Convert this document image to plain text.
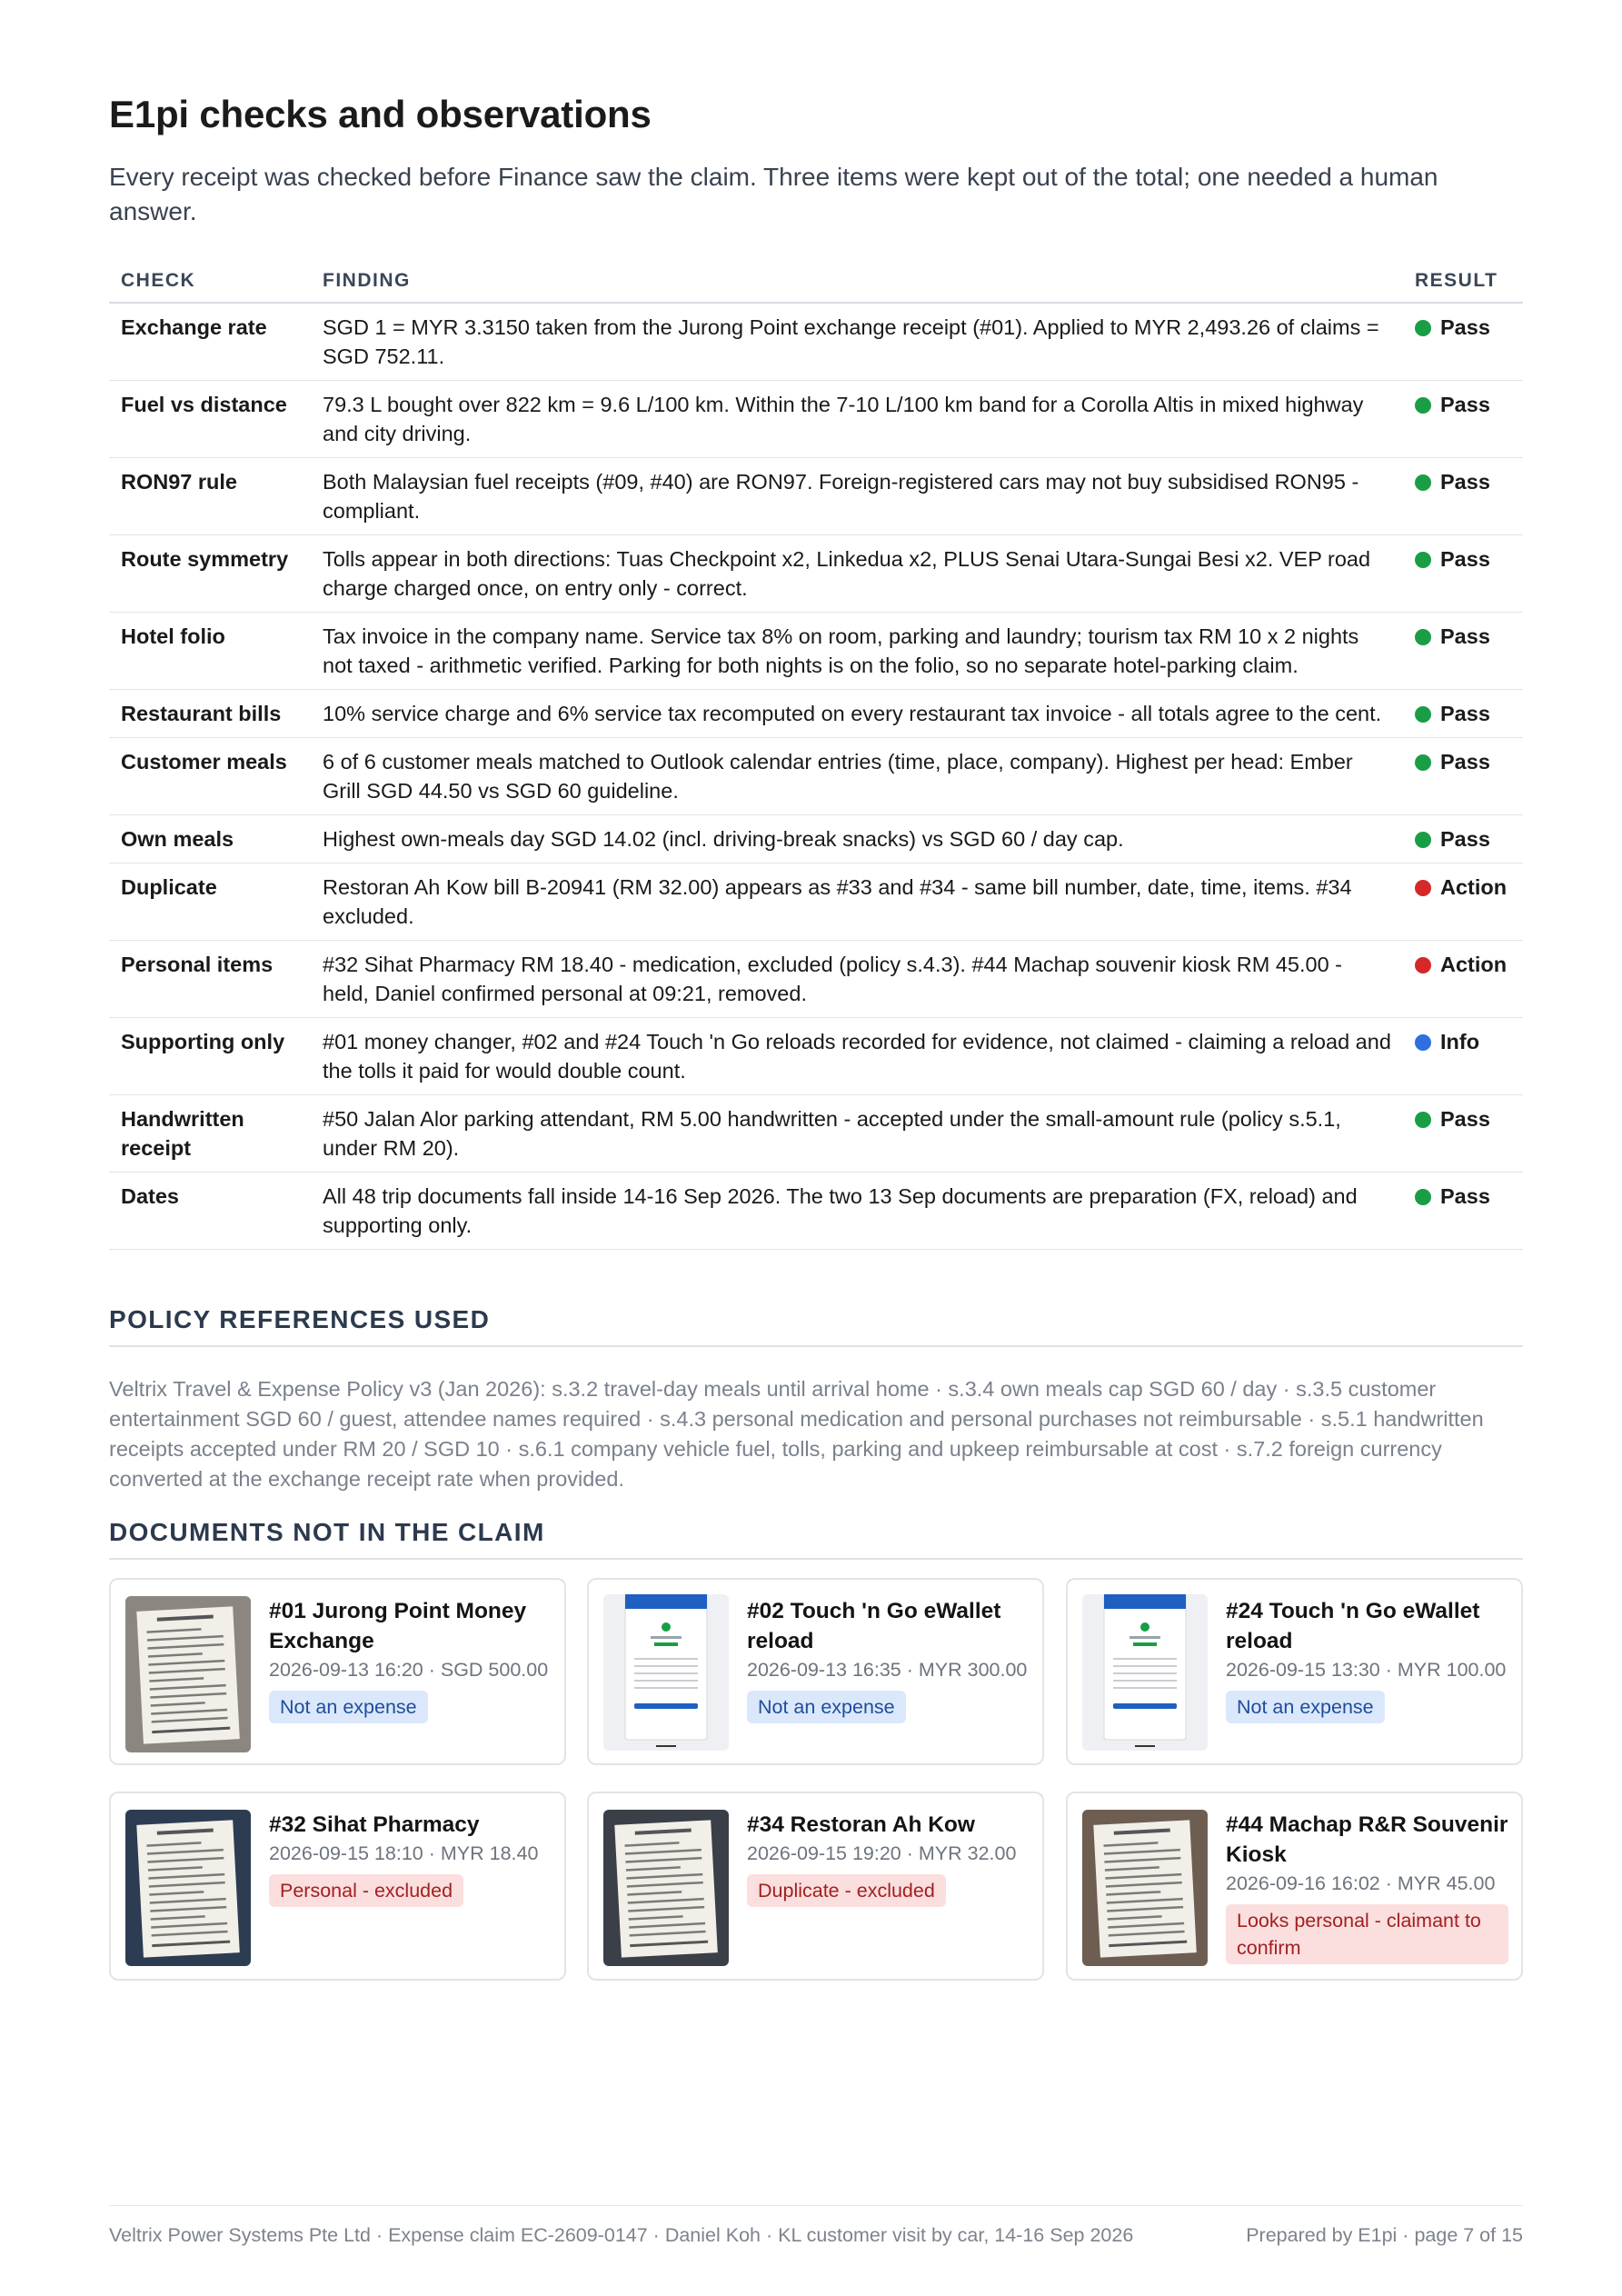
E1pi checks and observations

Every receipt was checked before Finance saw the claim. Three items were kept out of the total; one needed a human answer.

CHECK	FINDING	RESULT
Exchange rate	SGD 1 = MYR 3.3150 taken from the Jurong Point exchange receipt (#01). Applied to MYR 2,493.26 of claims = SGD 752.11.	Pass
Fuel vs distance	79.3 L bought over 822 km = 9.6 L/100 km. Within the 7-10 L/100 km band for a Corolla Altis in mixed highway and city driving.	Pass
RON97 rule	Both Malaysian fuel receipts (#09, #40) are RON97. Foreign-registered cars may not buy subsidised RON95 - compliant.	Pass
Route symmetry	Tolls appear in both directions: Tuas Checkpoint x2, Linkedua x2, PLUS Senai Utara-Sungai Besi x2. VEP road charge charged once, on entry only - correct.	Pass
Hotel folio	Tax invoice in the company name. Service tax 8% on room, parking and laundry; tourism tax RM 10 x 2 nights not taxed - arithmetic verified. Parking for both nights is on the folio, so no separate hotel-parking claim.	Pass
Restaurant bills	10% service charge and 6% service tax recomputed on every restaurant tax invoice - all totals agree to the cent.	Pass
Customer meals	6 of 6 customer meals matched to Outlook calendar entries (time, place, company). Highest per head: Ember Grill SGD 44.50 vs SGD 60 guideline.	Pass
Own meals	Highest own-meals day SGD 14.02 (incl. driving-break snacks) vs SGD 60 / day cap.	Pass
Duplicate	Restoran Ah Kow bill B-20941 (RM 32.00) appears as #33 and #34 - same bill number, date, time, items. #34 excluded.	Action
Personal items	#32 Sihat Pharmacy RM 18.40 - medication, excluded (policy s.4.3). #44 Machap souvenir kiosk RM 45.00 - held, Daniel confirmed personal at 09:21, removed.	Action
Supporting only	#01 money changer, #02 and #24 Touch 'n Go reloads recorded for evidence, not claimed - claiming a reload and the tolls it paid for would double count.	Info
Handwritten receipt	#50 Jalan Alor parking attendant, RM 5.00 handwritten - accepted under the small-amount rule (policy s.5.1, under RM 20).	Pass
Dates	All 48 trip documents fall inside 14-16 Sep 2026. The two 13 Sep documents are preparation (FX, reload) and supporting only.	Pass
POLICY REFERENCES USED

Veltrix Travel & Expense Policy v3 (Jan 2026): s.3.2 travel-day meals until arrival home · s.3.4 own meals cap SGD 60 / day · s.3.5 customer entertainment SGD 60 / guest, attendee names required · s.4.3 personal medication and personal purchases not reimbursable · s.5.1 handwritten receipts accepted under RM 20 / SGD 10 · s.6.1 company vehicle fuel, tolls, parking and upkeep reimbursable at cost · s.7.2 foreign currency converted at the exchange receipt rate when provided.

DOCUMENTS NOT IN THE CLAIM
#01 Jurong Point Money Exchange
2026-09-13 16:20 · SGD 500.00
Not an expense
#02 Touch 'n Go eWallet reload
2026-09-13 16:35 · MYR 300.00
Not an expense
#24 Touch 'n Go eWallet reload
2026-09-15 13:30 · MYR 100.00
Not an expense
#32 Sihat Pharmacy
2026-09-15 18:10 · MYR 18.40
Personal - excluded
#34 Restoran Ah Kow
2026-09-15 19:20 · MYR 32.00
Duplicate - excluded
#44 Machap R&R Souvenir Kiosk
2026-09-16 16:02 · MYR 45.00
Looks personal - claimant to confirm
Veltrix Power Systems Pte Ltd · Expense claim EC-2609-0147 · Daniel Koh · KL customer visit by car, 14-16 Sep 2026	Prepared by E1pi · page 7 of 15
